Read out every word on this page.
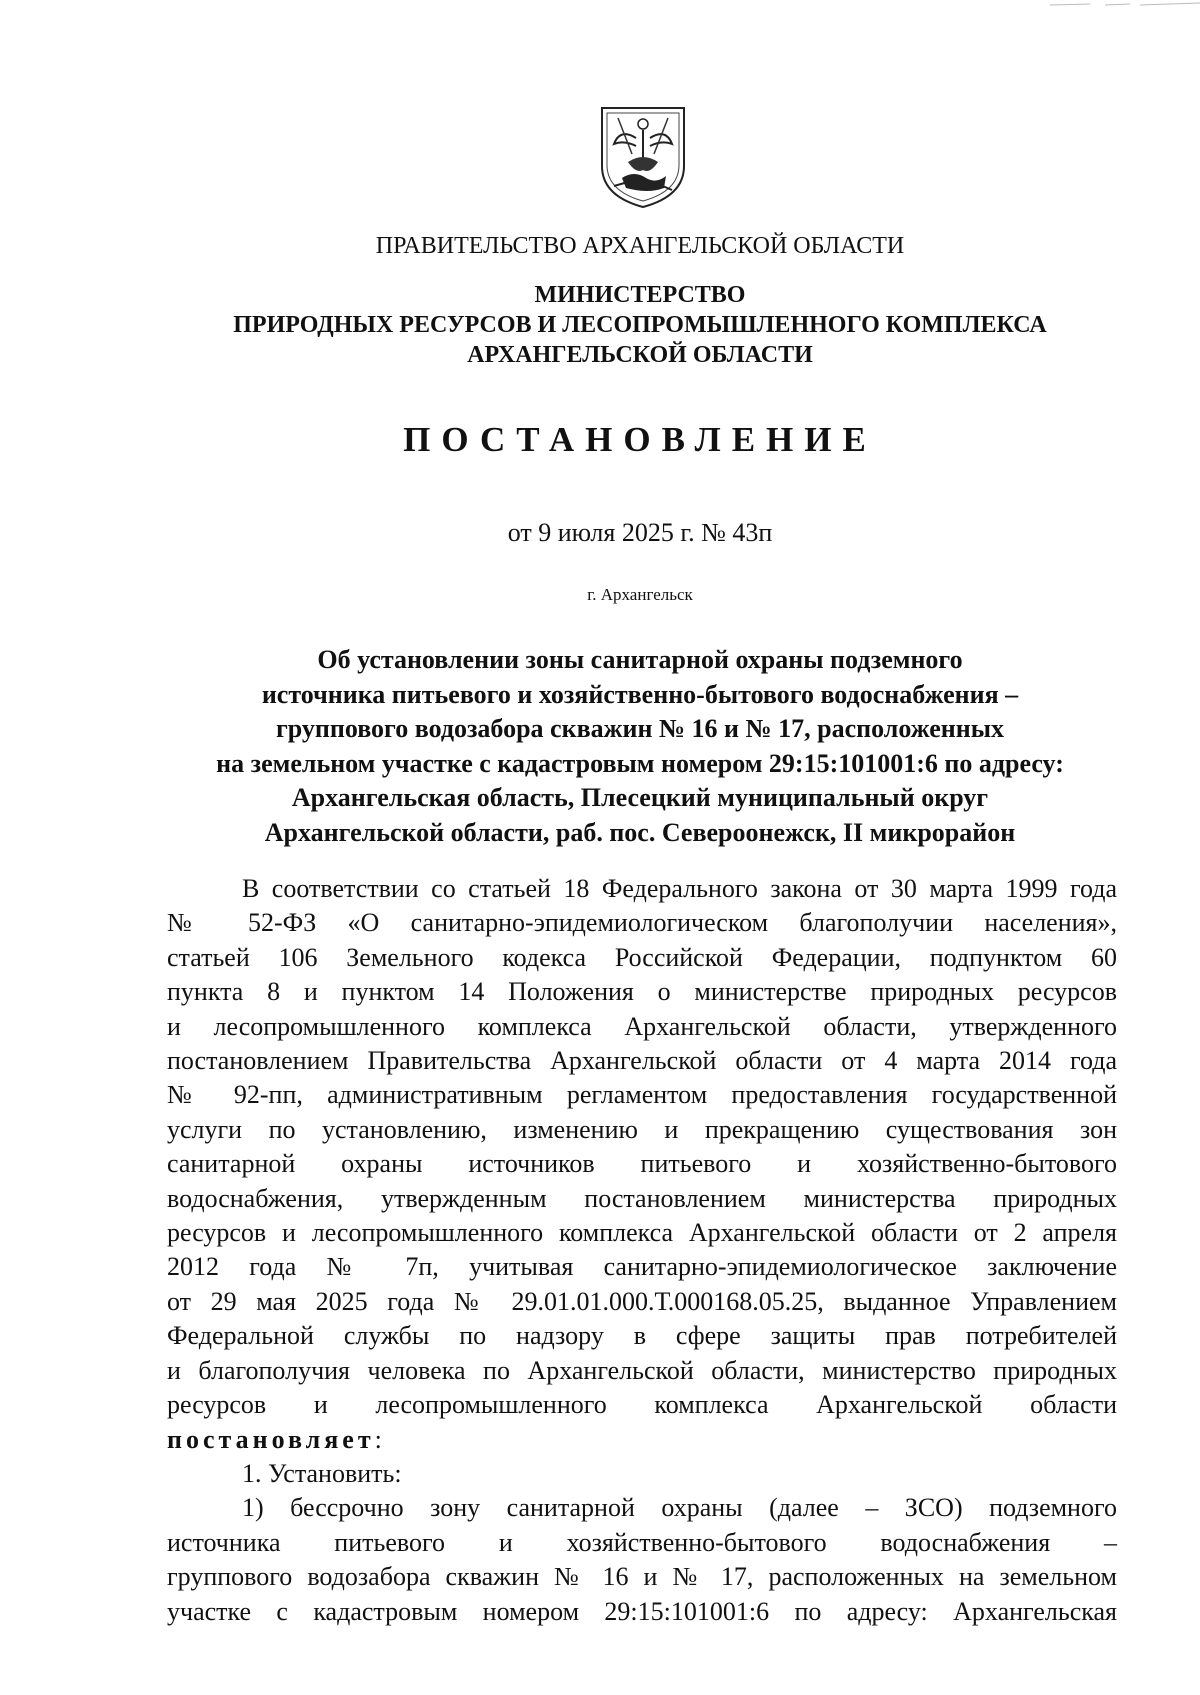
ПРАВИТЕЛЬСТВО АРХАНГЕЛЬСКОЙ ОБЛАСТИ
МИНИСТЕРСТВО
ПРИРОДНЫХ РЕСУРСОВ И ЛЕСОПРОМЫШЛЕННОГО КОМПЛЕКСА
АРХАНГЕЛЬСКОЙ ОБЛАСТИ
ПОСТАНОВЛЕНИЕ
от 9 июля 2025 г. № 43п
г. Архангельск
Об установлении зоны санитарной охраны подземного
источника питьевого и хозяйственно-бытового водоснабжения –
группового водозабора скважин № 16 и № 17, расположенных
на земельном участке с кадастровым номером 29:15:101001:6 по адресу:
Архангельская область, Плесецкий муниципальный округ
Архангельской области, раб. пос. Североонежск, II микрорайон
В соответствии со статьей 18 Федерального закона от 30 марта 1999 года
№ 52-ФЗ «О санитарно-эпидемиологическом благополучии населения»,
статьей 106 Земельного кодекса Российской Федерации, подпунктом 60
пункта 8 и пунктом 14 Положения о министерстве природных ресурсов
и лесопромышленного комплекса Архангельской области, утвержденного
постановлением Правительства Архангельской области от 4 марта 2014 года
№ 92-пп, административным регламентом предоставления государственной
услуги по установлению, изменению и прекращению существования зон
санитарной охраны источников питьевого и хозяйственно-бытового
водоснабжения, утвержденным постановлением министерства природных
ресурсов и лесопромышленного комплекса Архангельской области от 2 апреля
2012 года № 7п, учитывая санитарно-эпидемиологическое заключение
от 29 мая 2025 года № 29.01.01.000.Т.000168.05.25, выданное Управлением
Федеральной службы по надзору в сфере защиты прав потребителей
и благополучия человека по Архангельской области, министерство природных
ресурсов и лесопромышленного комплекса Архангельской области
постановляет:
1. Установить:
1) бессрочно зону санитарной охраны (далее – ЗСО) подземного
источника питьевого и хозяйственно-бытового водоснабжения –
группового водозабора скважин № 16 и № 17, расположенных на земельном
участке с кадастровым номером 29:15:101001:6 по адресу: Архангельская
